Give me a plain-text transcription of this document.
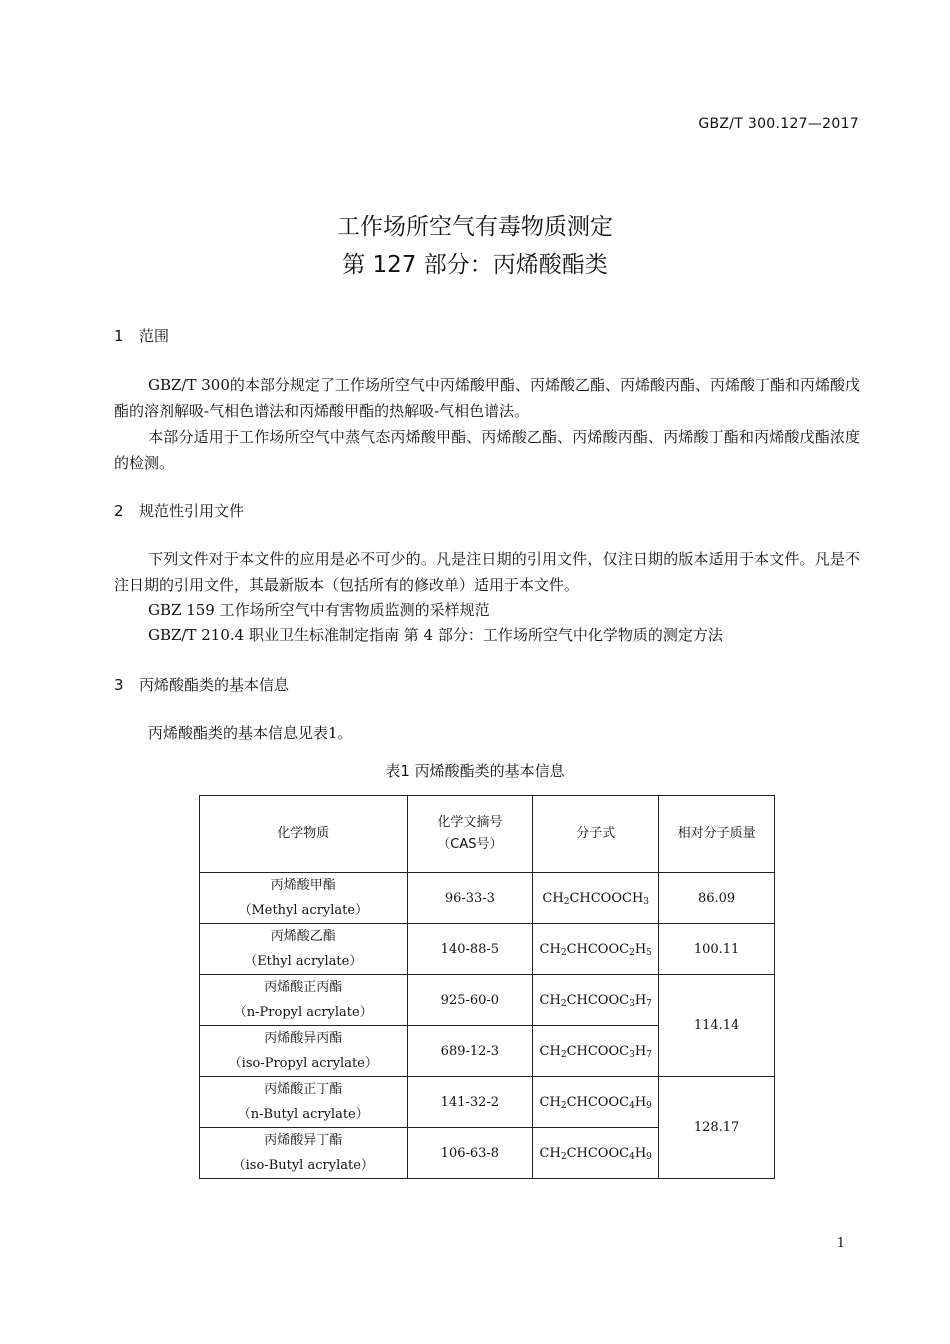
GBZ/T 300.127—2017
工作场所空气有毒物质测定
第 127 部分：丙烯酸酯类
1 范围
GBZ/T 300的本部分规定了工作场所空气中丙烯酸甲酯、丙烯酸乙酯、丙烯酸丙酯、丙烯酸丁酯和丙烯酸戊酯的溶剂解吸-气相色谱法和丙烯酸甲酯的热解吸-气相色谱法。
本部分适用于工作场所空气中蒸气态丙烯酸甲酯、丙烯酸乙酯、丙烯酸丙酯、丙烯酸丁酯和丙烯酸戊酯浓度的检测。
2 规范性引用文件
下列文件对于本文件的应用是必不可少的。凡是注日期的引用文件，仅注日期的版本适用于本文件。凡是不注日期的引用文件，其最新版本（包括所有的修改单）适用于本文件。
GBZ 159 工作场所空气中有害物质监测的采样规范
GBZ/T 210.4 职业卫生标准制定指南 第 4 部分：工作场所空气中化学物质的测定方法
3 丙烯酸酯类的基本信息
丙烯酸酯类的基本信息见表1。
表1 丙烯酸酯类的基本信息
化学物质	化学文摘号
（CAS号）	分子式	相对分子质量
丙烯酸甲酯
（Methyl acrylate）	96-33-3	$CH_2CHCOOCH_3$	86.09
丙烯酸乙酯
（Ethyl acrylate）	140-88-5	$CH_2CHCOOC_2H_5$	100.11
丙烯酸正丙酯
（n-Propyl acrylate）	925-60-0	$CH_2CHCOOC_3H_7$	114.14
丙烯酸异丙酯
（iso-Propyl acrylate）	689-12-3	$CH_2CHCOOC_3H_7$
丙烯酸正丁酯
（n-Butyl acrylate）	141-32-2	$CH_2CHCOOC_4H_9$	128.17
丙烯酸异丁酯
（iso-Butyl acrylate）	106-63-8	$CH_2CHCOOC_4H_9$
1
